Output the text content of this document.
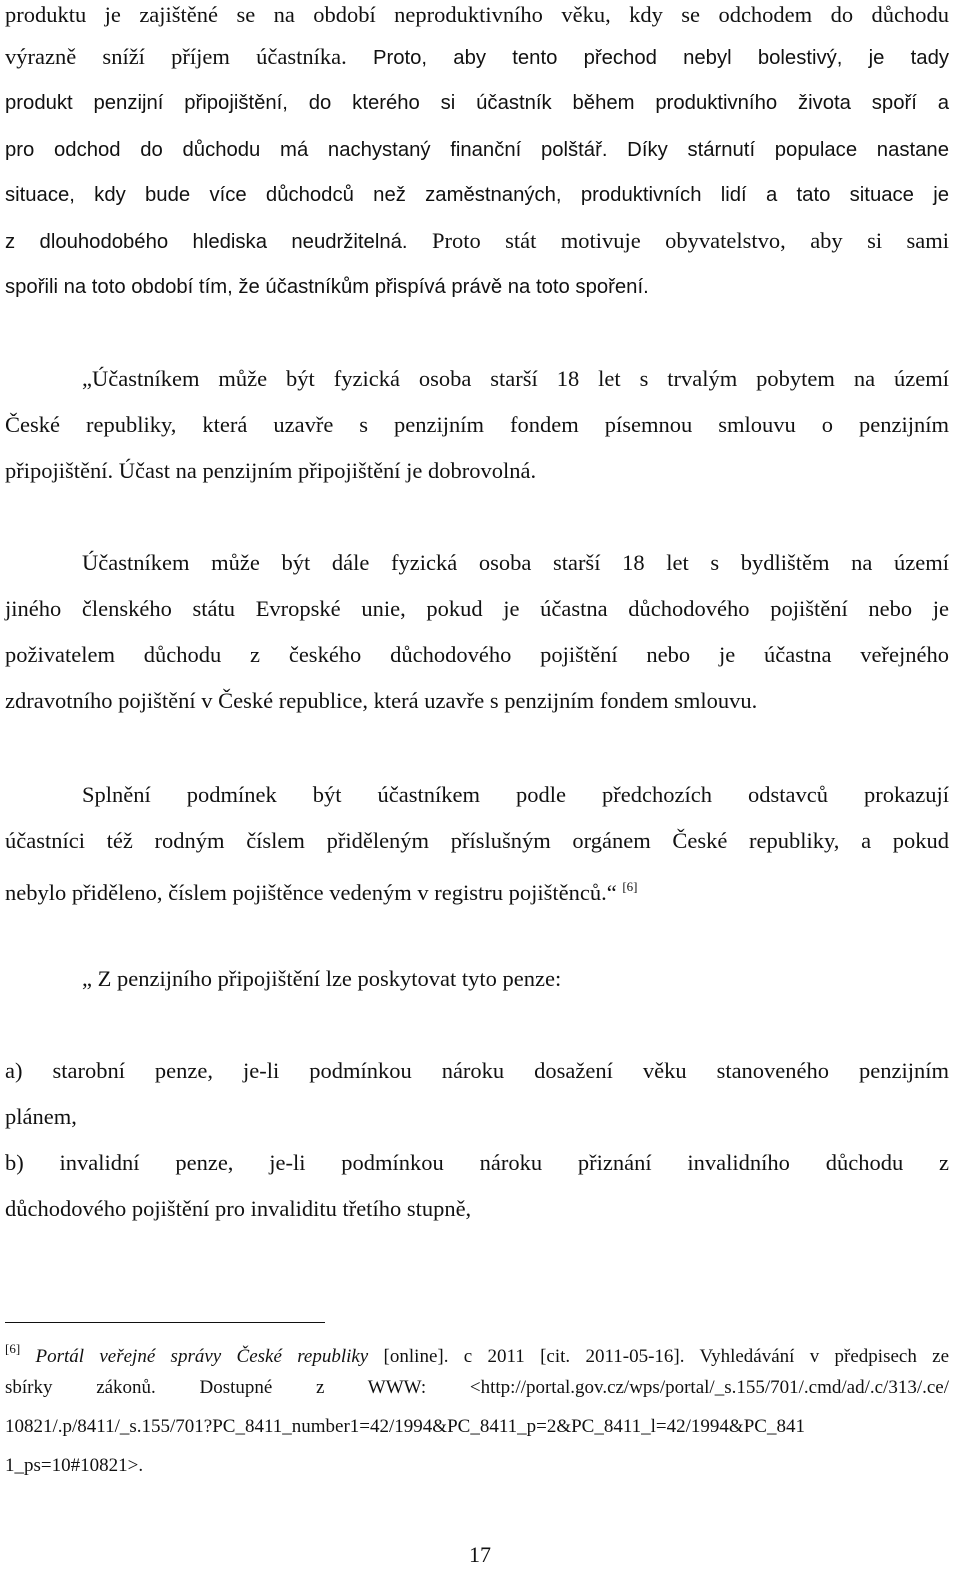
produktu je zajištěné se na období neproduktivního věku, kdy se odchodem do důchodu
výrazně sníží příjem účastníka. Proto, aby tento přechod nebyl bolestivý, je tady
produkt penzijní připojištění, do kterého si účastník během produktivního života spoří a
pro odchod do důchodu má nachystaný finanční polštář. Díky stárnutí populace nastane
situace, kdy bude více důchodců než zaměstnaných, produktivních lidí a tato situace je
z dlouhodobého hlediska neudržitelná. Proto stát motivuje obyvatelstvo, aby si sami
spořili na toto období tím, že účastníkům přispívá právě na toto spoření.
„Účastníkem může být fyzická osoba starší 18 let s trvalým pobytem na území
České republiky, která uzavře s penzijním fondem písemnou smlouvu o penzijním
připojištění. Účast na penzijním připojištění je dobrovolná.
Účastníkem může být dále fyzická osoba starší 18 let s bydlištěm na území
jiného členského státu Evropské unie, pokud je účastna důchodového pojištění nebo je
poživatelem důchodu z českého důchodového pojištění nebo je účastna veřejného
zdravotního pojištění v České republice, která uzavře s penzijním fondem smlouvu.
Splnění podmínek být účastníkem podle předchozích odstavců prokazují
účastníci též rodným číslem přiděleným příslušným orgánem České republiky, a pokud
nebylo přiděleno, číslem pojištěnce vedeným v registru pojištěnců.“ [6]
„ Z penzijního připojištění lze poskytovat tyto penze:
a) starobní penze, je-li podmínkou nároku dosažení věku stanoveného penzijním
plánem,
b) invalidní penze, je-li podmínkou nároku přiznání invalidního důchodu z
důchodového pojištění pro invaliditu třetího stupně,
[6] Portál veřejné správy České republiky [online]. c 2011 [cit. 2011-05-16]. Vyhledávání v předpisech ze
sbírky zákonů. Dostupné z WWW: <http://portal.gov.cz/wps/portal/_s.155/701/.cmd/ad/.c/313/.ce/
10821/.p/8411/_s.155/701?PC_8411_number1=42/1994&PC_8411_p=2&PC_8411_l=42/1994&PC_841
1_ps=10#10821>.
17
